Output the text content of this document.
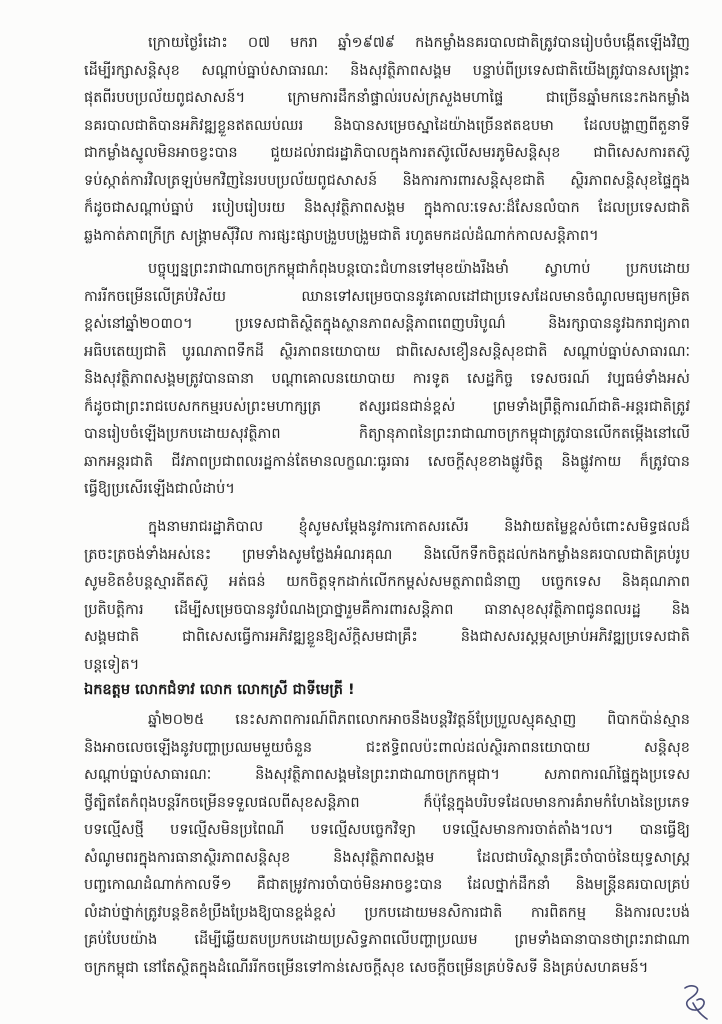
ក្រោយថ្ងៃរំដោះ ០៧ មករា ឆ្នាំ១៩៧៩ កងកម្លាំងនគរបាលជាតិត្រូវបានរៀបចំបង្កើតឡើងវិញ
ដើម្បីរក្សាសន្តិសុខ សណ្តាប់ធ្នាប់សាធារណៈ និងសុវត្ថិភាពសង្គម បន្ទាប់ពីប្រទេសជាតិយើងត្រូវបានសង្គ្រោះ
ផុតពីរបបប្រល័យពូជសាសន៍។ ក្រោមការដឹកនាំផ្ទាល់របស់ក្រសួងមហាផ្ទៃ ជាច្រើនឆ្នាំមកនេះកងកម្លាំង
នគរបាលជាតិបានអភិវឌ្ឍខ្លួនឥតឈប់ឈរ និងបានសម្រេចស្នាដៃយ៉ាងច្រើនឥតឧបមា ដែលបង្ហាញពីតួនាទី
ជាកម្លាំងស្នូលមិនអាចខ្វះបាន ជួយដល់រាជរដ្ឋាភិបាលក្នុងការតស៊ូលើសមរភូមិសន្តិសុខ ជាពិសេសការតស៊ូ
ទប់ស្កាត់ការវិលត្រឡប់មកវិញនៃរបបប្រល័យពូជសាសន៍ និងការការពារសន្តិសុខជាតិ ស្ថិរភាពសន្តិសុខផ្ទៃក្នុង
ក៏ដូចជាសណ្តាប់ធ្នាប់ របៀបរៀបរយ និងសុវត្ថិភាពសង្គម ក្នុងកាលៈទេសៈដ៏សែនលំបាក ដែលប្រទេសជាតិ
ឆ្លងកាត់ភាពក្រីក្រ សង្គ្រាមស៊ីវិល ការផ្សះផ្សាបង្រួបបង្រួមជាតិ រហូតមកដល់ដំណាក់កាលសន្តិភាព។
បច្ចុប្បន្នព្រះរាជាណាចក្រកម្ពុជាកំពុងបន្តបោះជំហានទៅមុខយ៉ាងរឹងមាំ ស្វាហាប់ ប្រកបដោយ
ការរីកចម្រើនលើគ្រប់វិស័យ ឈានទៅសម្រេចបាននូវគោលដៅជាប្រទេសដែលមានចំណូលមធ្យមកម្រិត
ខ្ពស់នៅឆ្នាំ២០៣០។ ប្រទេសជាតិស្ថិតក្នុងស្ថានភាពសន្តិភាពពេញបរិបូណ៌ និងរក្សាបាននូវឯករាជ្យភាព
អធិបតេយ្យជាតិ បូរណភាពទឹកដី ស្ថិរភាពនយោបាយ ជាពិសេសខឿនសន្តិសុខជាតិ សណ្តាប់ធ្នាប់សាធារណៈ
និងសុវត្ថិភាពសង្គមត្រូវបានធានា បណ្តាគោលនយោបាយ ការទូត សេដ្ឋកិច្ច ទេសចរណ៍ វប្បធម៌ទាំងអស់
ក៏ដូចជាព្រះរាជបេសកកម្មរបស់ព្រះមហាក្សត្រ ឥស្សរជនជាន់ខ្ពស់ ព្រមទាំងព្រឹត្តិការណ៍ជាតិ-អន្តរជាតិត្រូវ
បានរៀបចំឡើងប្រកបដោយសុវត្ថិភាព កិត្យានុភាពនៃព្រះរាជាណាចក្រកម្ពុជាត្រូវបានលើកតម្កើងនៅលើ
ឆាកអន្តរជាតិ ជីវភាពប្រជាពលរដ្ឋកាន់តែមានលក្ខណៈធូរធារ សេចក្តីសុខខាងផ្លូវចិត្ត និងផ្លូវកាយ ក៏ត្រូវបាន
ធ្វើឱ្យប្រសើរឡើងជាលំដាប់។
ក្នុងនាមរាជរដ្ឋាភិបាល ខ្ញុំសូមសម្តែងនូវការកោតសរសើរ និងវាយតម្លៃខ្ពស់ចំពោះសមិទ្ធផលដ៏
ត្រចះត្រចង់ទាំងអស់នេះ ព្រមទាំងសូមថ្លែងអំណរគុណ និងលើកទឹកចិត្តដល់កងកម្លាំងនគរបាលជាតិគ្រប់រូប
សូមខិតខំបន្តស្មារតីតស៊ូ អត់ធន់ យកចិត្តទុកដាក់លើកកម្ពស់សមត្ថភាពជំនាញ បច្ចេកទេស និងគុណភាព
ប្រតិបត្តិការ ដើម្បីសម្រេចបាននូវបំណងប្រាថ្នារួមគឺការពារសន្តិភាព ធានាសុខសុវត្ថិភាពជូនពលរដ្ឋ និង
សង្គមជាតិ ជាពិសេសធ្វើការអភិវឌ្ឍខ្លួនឱ្យស័ក្តិសមជាគ្រឹះ និងជាសសរស្តម្ភសម្រាប់អភិវឌ្ឍប្រទេសជាតិ
បន្តទៀត។
ឯកឧត្តម លោកជំទាវ លោក លោកស្រី ជាទីមេត្រី !
ឆ្នាំ២០២៥ នេះសភាពការណ៍ពិភពលោកអាចនឹងបន្តវិវត្តន៍ប្រែប្រួលស្មុគស្មាញ ពិបាកប៉ាន់ស្មាន
និងអាចលេចឡើងនូវបញ្ហាប្រឈមមួយចំនួន ជះឥទ្ធិពលប៉ះពាល់ដល់ស្ថិរភាពនយោបាយ សន្តិសុខ
សណ្តាប់ធ្នាប់សាធារណៈ និងសុវត្ថិភាពសង្គមនៃព្រះរាជាណាចក្រកម្ពុជា។ សភាពការណ៍ផ្ទៃក្នុងប្រទេស
ថ្វីត្បិតតែកំពុងបន្តរីកចម្រើនទទួលផលពីសុខសន្តិភាព ក៏ប៉ុន្តែក្នុងបរិបទដែលមានការគំរាមកំហែងនៃប្រភេទ
បទល្មើសថ្មី បទល្មើសមិនប្រពៃណី បទល្មើសបច្ចេកវិទ្យា បទល្មើសមានការចាត់តាំង។ល។ បានធ្វើឱ្យ
សំណូមពរក្នុងការធានាស្ថិរភាពសន្តិសុខ និងសុវត្ថិភាពសង្គម ដែលជាបរិស្ថានគ្រឹះចាំបាច់នៃយុទ្ធសាស្ត្រ
បញ្ចកោណដំណាក់កាលទី១ គឺជាតម្រូវការចាំបាច់មិនអាចខ្វះបាន ដែលថ្នាក់ដឹកនាំ និងមន្ត្រីនគរបាលគ្រប់
លំដាប់ថ្នាក់ត្រូវបន្តខិតខំប្រឹងប្រែងឱ្យបានខ្ពង់ខ្ពស់ ប្រកបដោយមនសិការជាតិ ការពិតកម្ម និងការលះបង់
គ្រប់បែបយ៉ាង ដើម្បីឆ្លើយតបប្រកបដោយប្រសិទ្ធភាពលើបញ្ហាប្រឈម ព្រមទាំងធានាបានថាព្រះរាជាណា
ចក្រកម្ពុជា នៅតែស្ថិតក្នុងដំណើររីកចម្រើនទៅកាន់សេចក្តីសុខ សេចក្តីចម្រើនគ្រប់ទិសទី និងគ្រប់សហគមន៍។
